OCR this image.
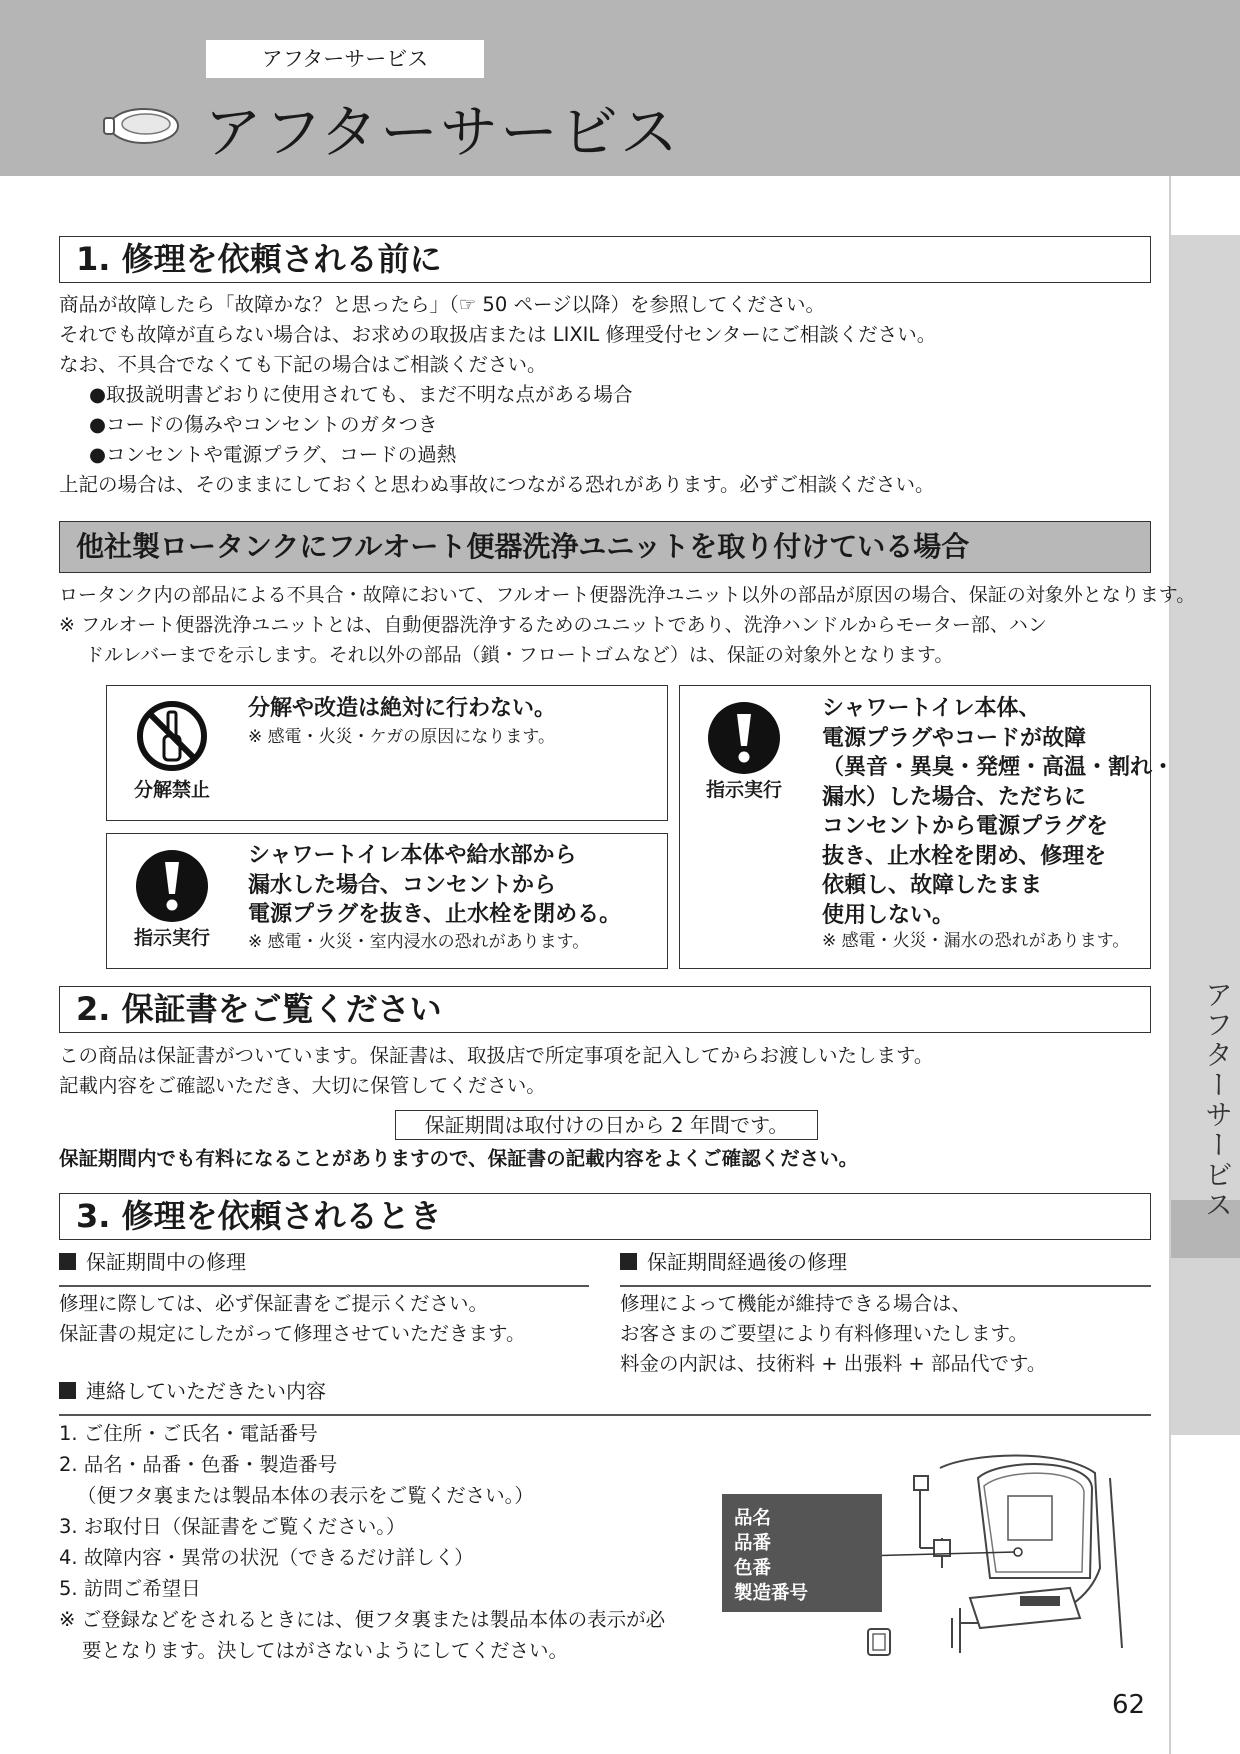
アフターサービス
アフターサービス
アフターサービス
1. 修理を依頼される前に
商品が故障したら「故障かな？と思ったら」（☞ 50 ページ以降）を参照してください。
それでも故障が直らない場合は、お求めの取扱店または LIXIL 修理受付センターにご相談ください。
なお、不具合でなくても下記の場合はご相談ください。
●取扱説明書どおりに使用されても、まだ不明な点がある場合
●コードの傷みやコンセントのガタつき
●コンセントや電源プラグ、コードの過熱
上記の場合は、そのままにしておくと思わぬ事故につながる恐れがあります。必ずご相談ください。
他社製ロータンクにフルオート便器洗浄ユニットを取り付けている場合
ロータンク内の部品による不具合・故障において、フルオート便器洗浄ユニット以外の部品が原因の場合、保証の対象外となります。
※ フルオート便器洗浄ユニットとは、自動便器洗浄するためのユニットであり、洗浄ハンドルからモーター部、ハン
ドルレバーまでを示します。それ以外の部品（鎖・フロートゴムなど）は、保証の対象外となります。
分解禁止
分解や改造は絶対に行わない。
※ 感電・火災・ケガの原因になります。
指示実行
シャワートイレ本体や給水部から
漏水した場合、コンセントから
電源プラグを抜き、止水栓を閉める。
※ 感電・火災・室内浸水の恐れがあります。
指示実行
シャワートイレ本体、
電源プラグやコードが故障
（異音・異臭・発煙・高温・割れ・
漏水）した場合、ただちに
コンセントから電源プラグを
抜き、止水栓を閉め、修理を
依頼し、故障したまま
使用しない。
※ 感電・火災・漏水の恐れがあります。
2. 保証書をご覧ください
この商品は保証書がついています。保証書は、取扱店で所定事項を記入してからお渡しいたします。
記載内容をご確認いただき、大切に保管してください。
保証期間は取付けの日から 2 年間です。
保証期間内でも有料になることがありますので、保証書の記載内容をよくご確認ください。
3. 修理を依頼されるとき
保証期間中の修理
修理に際しては、必ず保証書をご提示ください。
保証書の規定にしたがって修理させていただきます。
保証期間経過後の修理
修理によって機能が維持できる場合は、
お客さまのご要望により有料修理いたします。
料金の内訳は、技術料 + 出張料 + 部品代です。
連絡していただきたい内容
1. ご住所・ご氏名・電話番号
2. 品名・品番・色番・製造番号
（便フタ裏または製品本体の表示をご覧ください。）
3. お取付日（保証書をご覧ください。）
4. 故障内容・異常の状況（できるだけ詳しく）
5. 訪問ご希望日
※ ご登録などをされるときには、便フタ裏または製品本体の表示が必
要となります。決してはがさないようにしてください。
品名
品番
色番
製造番号
62
